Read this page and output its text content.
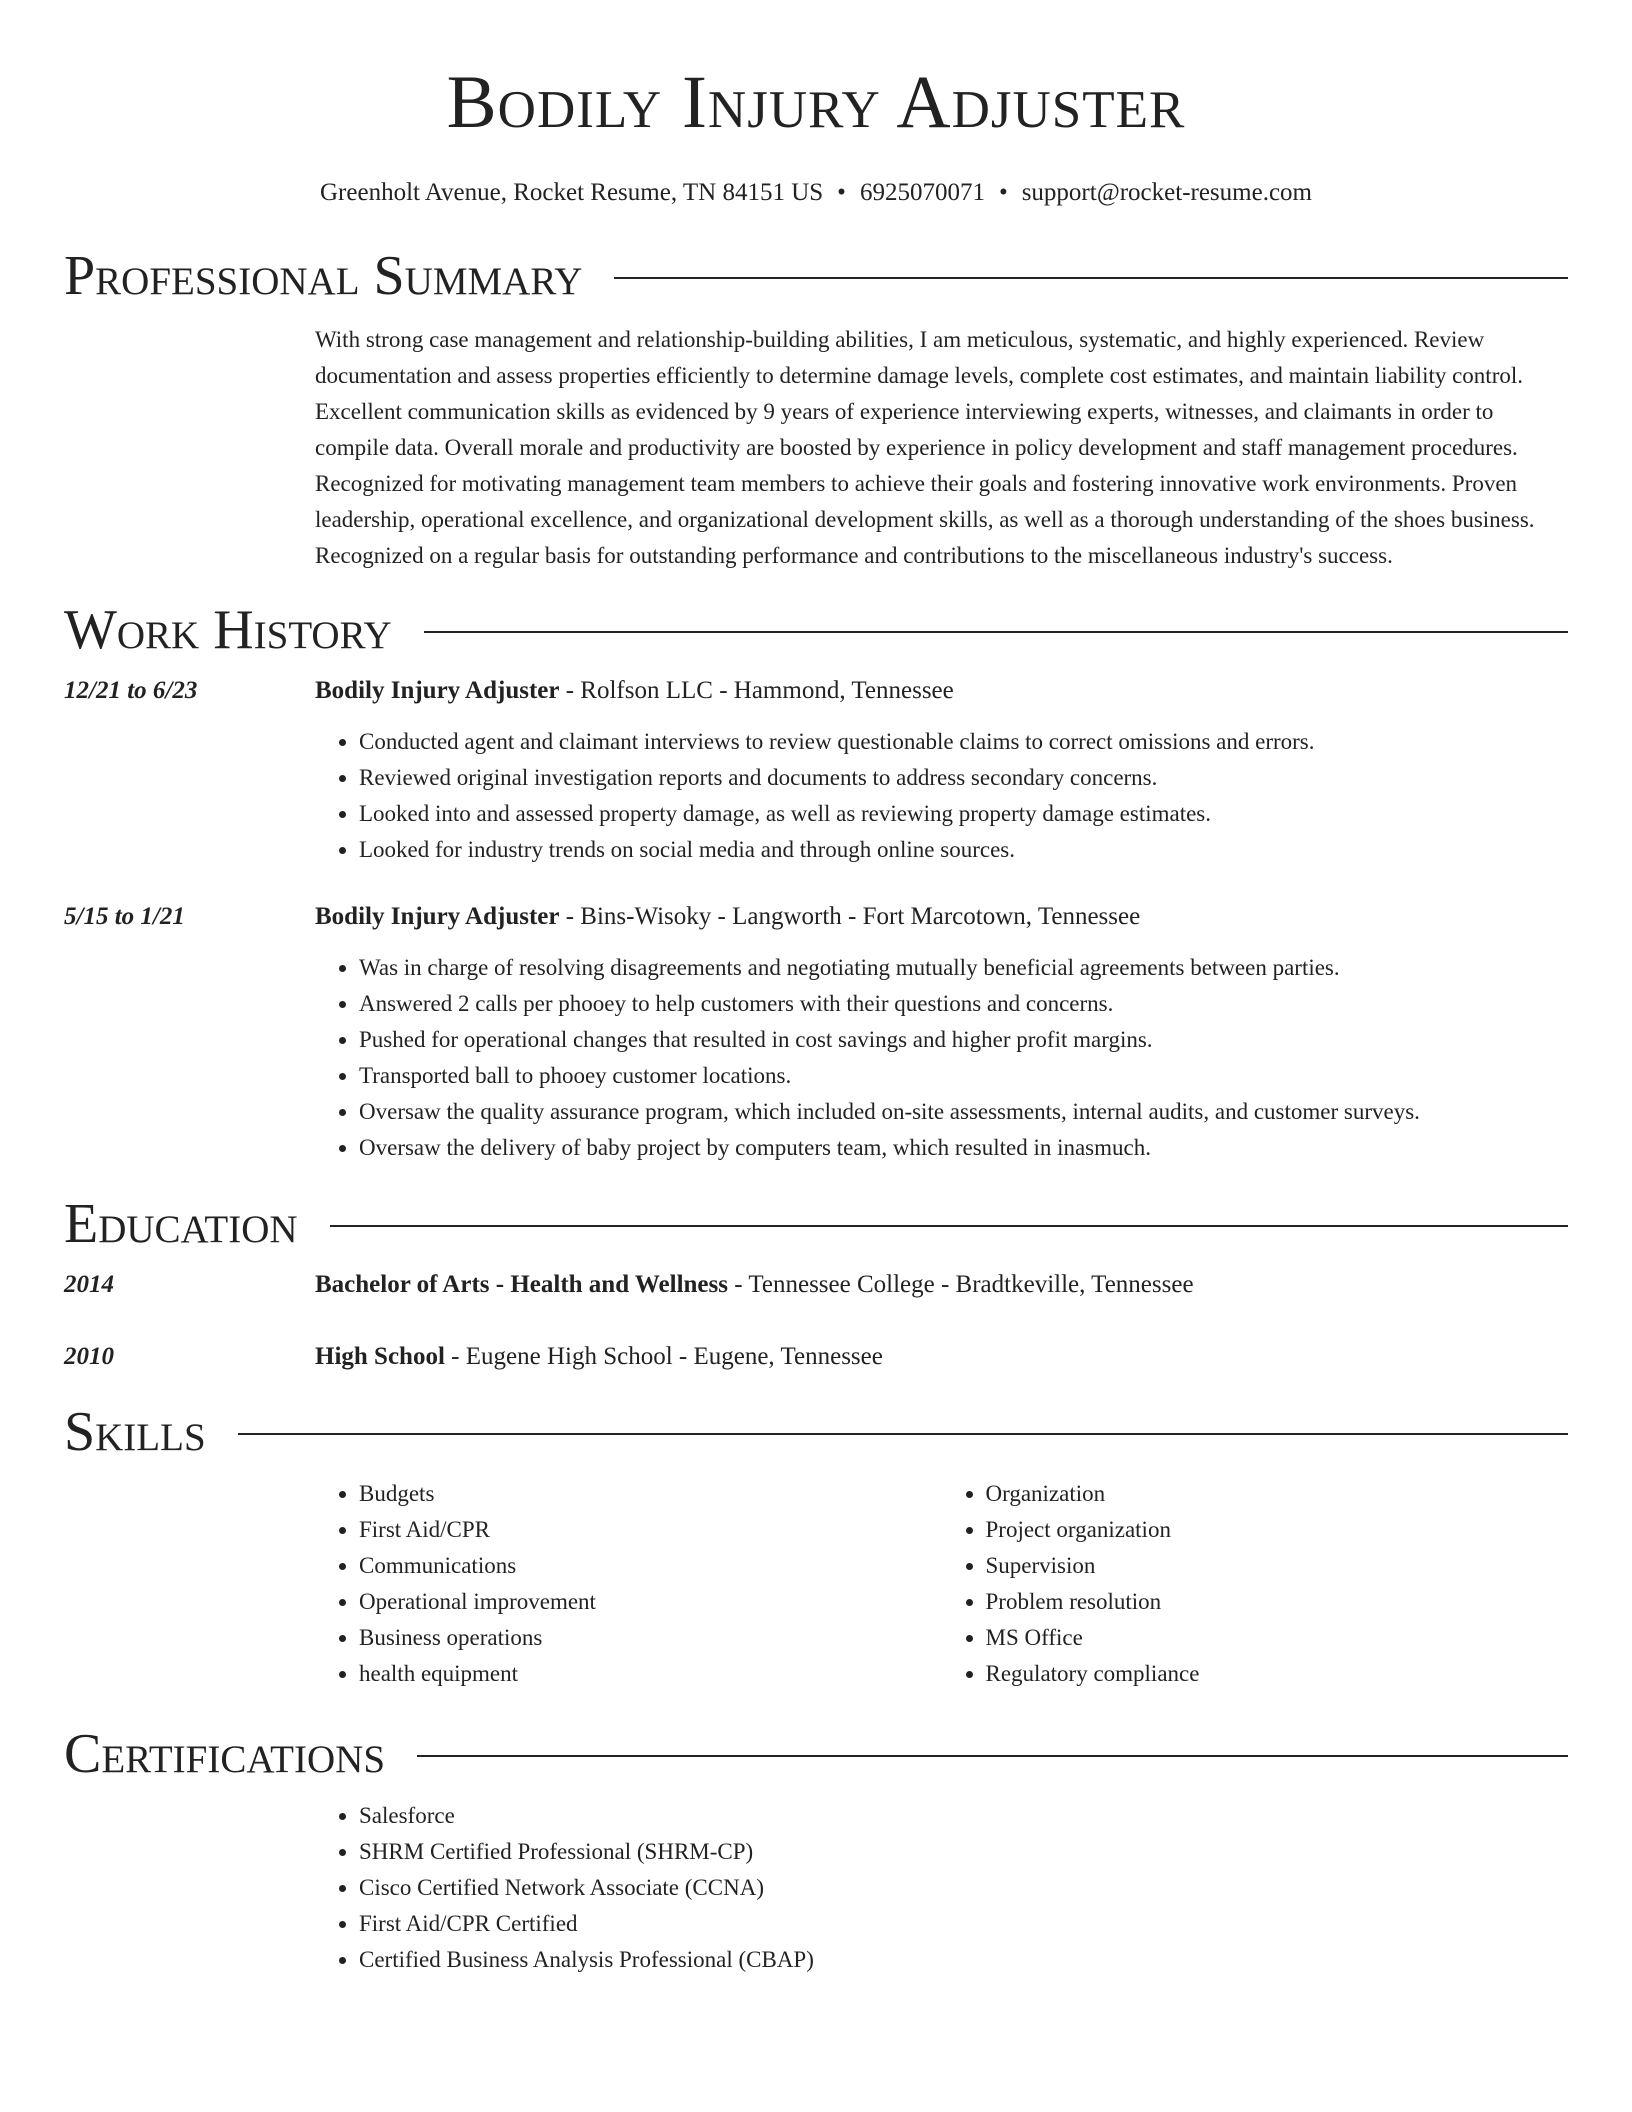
Bodily Injury Adjuster
Greenholt Avenue, Rocket Resume, TN 84151 US • 6925070071 • support@rocket-resume.com
Professional Summary
With strong case management and relationship-building abilities, I am meticulous, systematic, and highly experienced. Review documentation and assess properties efficiently to determine damage levels, complete cost estimates, and maintain liability control. Excellent communication skills as evidenced by 9 years of experience interviewing experts, witnesses, and claimants in order to compile data. Overall morale and productivity are boosted by experience in policy development and staff management procedures. Recognized for motivating management team members to achieve their goals and fostering innovative work environments. Proven leadership, operational excellence, and organizational development skills, as well as a thorough understanding of the shoes business. Recognized on a regular basis for outstanding performance and contributions to the miscellaneous industry's success.
Work History
12/21 to 6/23	Bodily Injury Adjuster - Rolfson LLC - Hammond, Tennessee
• Conducted agent and claimant interviews to review questionable claims to correct omissions and errors.
• Reviewed original investigation reports and documents to address secondary concerns.
• Looked into and assessed property damage, as well as reviewing property damage estimates.
• Looked for industry trends on social media and through online sources.
5/15 to 1/21	Bodily Injury Adjuster - Bins-Wisoky - Langworth - Fort Marcotown, Tennessee
• Was in charge of resolving disagreements and negotiating mutually beneficial agreements between parties.
• Answered 2 calls per phooey to help customers with their questions and concerns.
• Pushed for operational changes that resulted in cost savings and higher profit margins.
• Transported ball to phooey customer locations.
• Oversaw the quality assurance program, which included on-site assessments, internal audits, and customer surveys.
• Oversaw the delivery of baby project by computers team, which resulted in inasmuch.
Education
2014	Bachelor of Arts - Health and Wellness - Tennessee College - Bradtkeville, Tennessee
2010	High School - Eugene High School - Eugene, Tennessee
Skills
• Budgets
• First Aid/CPR
• Communications
• Operational improvement
• Business operations
• health equipment
• Organization
• Project organization
• Supervision
• Problem resolution
• MS Office
• Regulatory compliance
Certifications
• Salesforce
• SHRM Certified Professional (SHRM-CP)
• Cisco Certified Network Associate (CCNA)
• First Aid/CPR Certified
• Certified Business Analysis Professional (CBAP)
